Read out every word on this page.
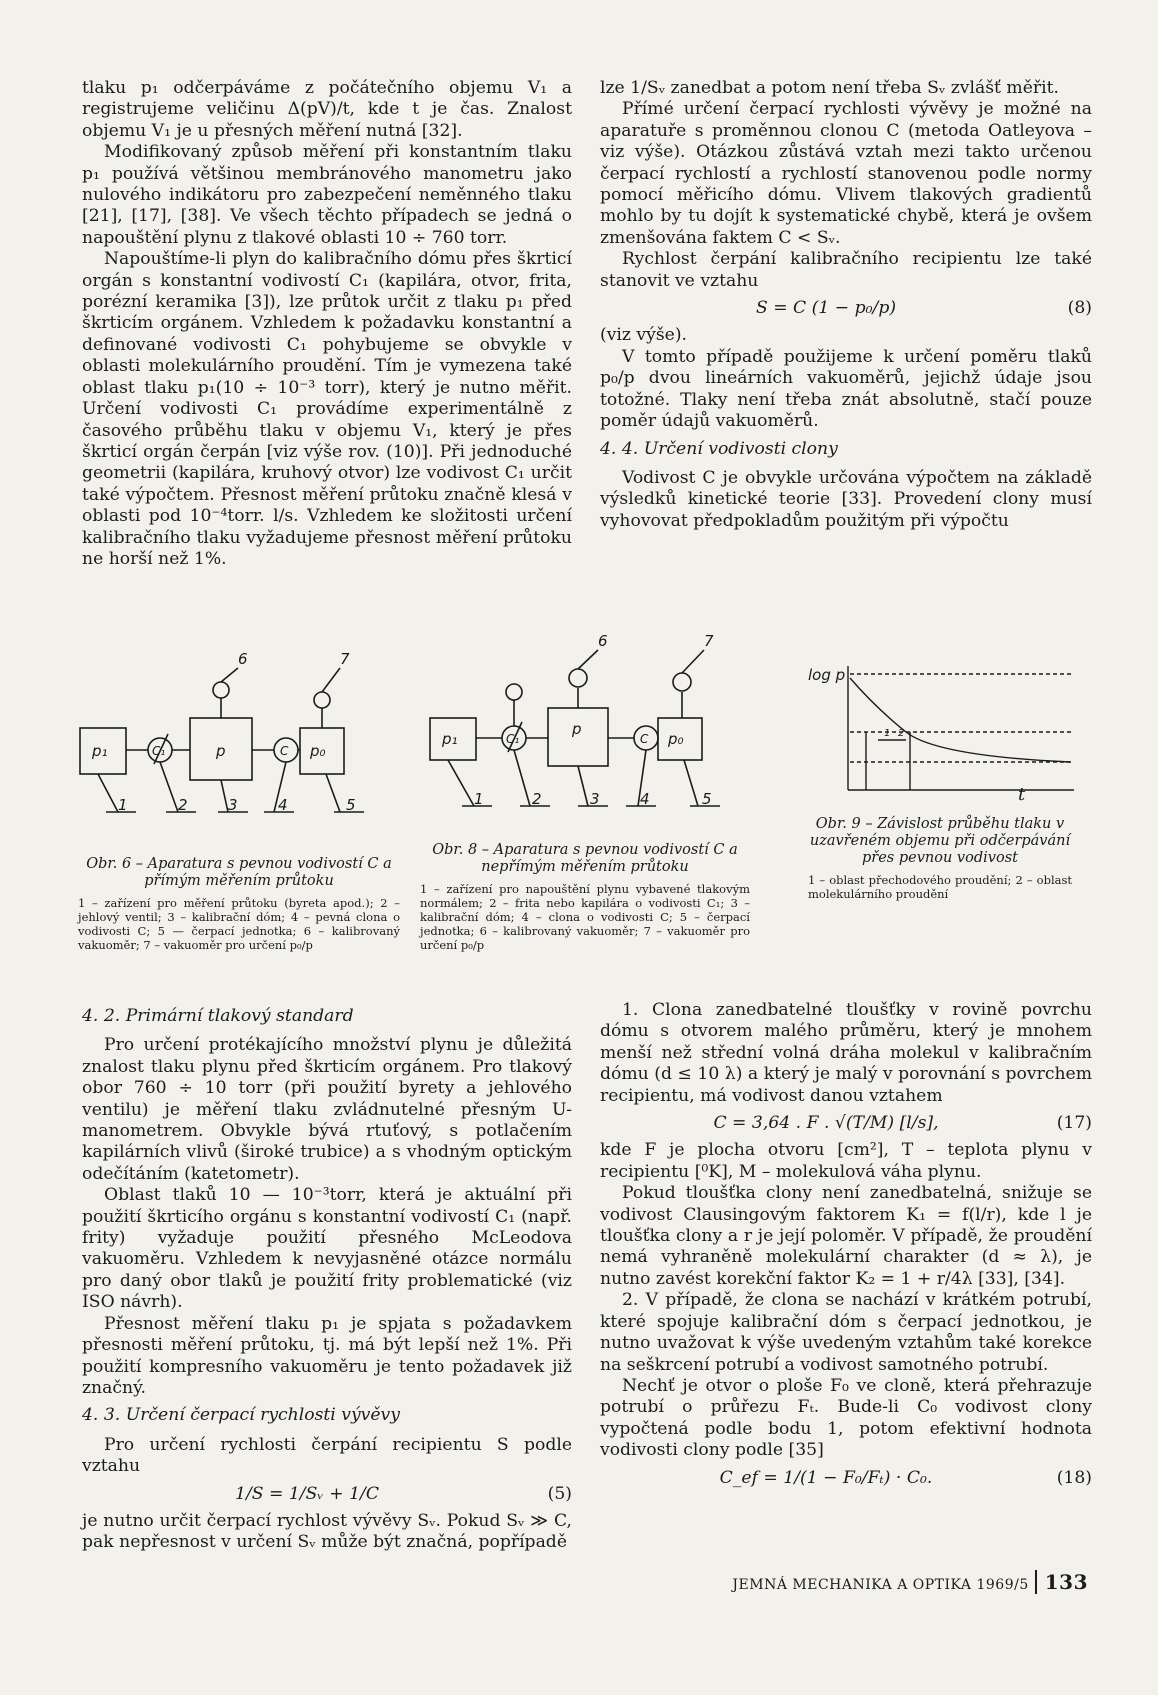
tlaku p₁ odčerpáváme z počátečního objemu V₁ a registrujeme veličinu Δ(pV)/t, kde t je čas. Znalost objemu V₁ je u přesných měření nutná [32].

Modifikovaný způsob měření při konstantním tlaku p₁ používá většinou membránového manometru jako nulového indikátoru pro zabezpečení neměnného tlaku [21], [17], [38]. Ve všech těchto případech se jedná o napouštění plynu z tlakové oblasti 10 ÷ 760 torr.

Napouštíme-li plyn do kalibračního dómu přes škrticí orgán s konstantní vodivostí C₁ (kapilára, otvor, frita, porézní keramika [3]), lze průtok určit z tlaku p₁ před škrticím orgánem. Vzhledem k požadavku konstantní a definované vodivosti C₁ pohybujeme se obvykle v oblasti molekulárního proudění. Tím je vymezena také oblast tlaku p₁(10 ÷ 10⁻³ torr), který je nutno měřit. Určení vodivosti C₁ provádíme experimentálně z časového průběhu tlaku v objemu V₁, který je přes škrticí orgán čerpán [viz výše rov. (10)]. Při jednoduché geometrii (kapilára, kruhový otvor) lze vodivost C₁ určit také výpočtem. Přesnost měření průtoku značně klesá v oblasti pod 10⁻⁴torr. l/s. Vzhledem ke složitosti určení kalibračního tlaku vyžadujeme přesnost měření průtoku ne horší než 1%.

lze 1/Sᵥ zanedbat a potom není třeba Sᵥ zvlášť měřit.

Přímé určení čerpací rychlosti vývěvy je možné na aparatuře s proměnnou clonou C (metoda Oatleyova – viz výše). Otázkou zůstává vztah mezi takto určenou čerpací rychlostí a rychlostí stanovenou podle normy pomocí měřicího dómu. Vlivem tlakových gradientů mohlo by tu dojít k systematické chybě, která je ovšem zmenšována faktem C < Sᵥ.

Rychlost čerpání kalibračního recipientu lze také stanovit ve vztahu

S = C (1 − p₀/p)	(8)

(viz výše).

V tomto případě použijeme k určení poměru tlaků p₀/p dvou lineárních vakuoměrů, jejichž údaje jsou totožné. Tlaky není třeba znát absolutně, stačí pouze poměr údajů vakuoměrů.

4. 4. Určení vodivosti clony

Vodivost C je obvykle určována výpočtem na základě výsledků kinetické teorie [33]. Provedení clony musí vyhovovat předpokladům použitým při výpočtu

p₁	C₁	p	C p₀
6	7
1	2	3	4	5
Obr. 6 – Aparatura s pevnou vodivostí C a přímým měřením průtoku
1 – zařízení pro měření průtoku (byreta apod.); 2 – jehlový ventil; 3 – kalibrační dóm; 4 – pevná clona o vodivosti C; 5 — čerpací jednotka; 6 – kalibrovaný vakuoměr; 7 – vakuoměr pro určení p₀/p
p₁	C₁
p
C p₀
6	7
1	2	3	4	5
Obr. 8 – Aparatura s pevnou vodivostí C a nepřímým měřením průtoku
1 – zařízení pro napouštění plynu vybavené tlakovým normálem; 2 – frita nebo kapilára o vodivosti C₁; 3 – kalibrační dóm; 4 – clona o vodivosti C; 5 – čerpací jednotka; 6 – kalibrovaný vakuoměr; 7 – vakuoměr pro určení p₀/p
log p
1 2
t
Obr. 9 – Závislost průběhu tlaku v uzavřeném objemu při odčerpávání přes pevnou vodivost
1 – oblast přechodového proudění; 2 – oblast molekulárního proudění

4. 2. Primární tlakový standard

Pro určení protékajícího množství plynu je důležitá znalost tlaku plynu před škrticím orgánem. Pro tlakový obor 760 ÷ 10 torr (při použití byrety a jehlového ventilu) je měření tlaku zvládnutelné přesným U-manometrem. Obvykle bývá rtuťový, s potlačením kapilárních vlivů (široké trubice) a s vhodným optickým odečítáním (katetometr).

Oblast tlaků 10 — 10⁻³torr, která je aktuální při použití škrticího orgánu s konstantní vodivostí C₁ (např. frity) vyžaduje použití přesného McLeodova vakuoměru. Vzhledem k nevyjasněné otázce normálu pro daný obor tlaků je použití frity problematické (viz ISO návrh).

Přesnost měření tlaku p₁ je spjata s požadavkem přesnosti měření průtoku, tj. má být lepší než 1%. Při použití kompresního vakuoměru je tento požadavek již značný.

4. 3. Určení čerpací rychlosti vývěvy

Pro určení rychlosti čerpání recipientu S podle vztahu

1/S = 1/Sᵥ + 1/C	(5)

je nutno určit čerpací rychlost vývěvy Sᵥ. Pokud Sᵥ ≫ C, pak nepřesnost v určení Sᵥ může být značná, popřípadě

1. Clona zanedbatelné tloušťky v rovině povrchu dómu s otvorem malého průměru, který je mnohem menší než střední volná dráha molekul v kalibračním dómu (d ≤ 10 λ) a který je malý v porovnání s povrchem recipientu, má vodivost danou vztahem

C = 3,64 . F . √(T/M) [l/s],	(17)

kde F je plocha otvoru [cm²], T – teplota plynu v recipientu [⁰K], M – molekulová váha plynu.

Pokud tloušťka clony není zanedbatelná, snižuje se vodivost Clausingovým faktorem K₁ = f(l/r), kde l je tloušťka clony a r je její poloměr. V případě, že proudění nemá vyhraněně molekulární charakter (d ≈ λ), je nutno zavést korekční faktor K₂ = 1 + r/4λ [33], [34].

2. V případě, že clona se nachází v krátkém potrubí, které spojuje kalibrační dóm s čerpací jednotkou, je nutno uvažovat k výše uvedeným vztahům také korekce na seškrcení potrubí a vodivost samotného potrubí.

Nechť je otvor o ploše F₀ ve cloně, která přehrazuje potrubí o průřezu Fₜ. Bude-li C₀ vodivost clony vypočtená podle bodu 1, potom efektivní hodnota vodivosti clony podle [35]

C_ef = 1/(1 − F₀/Fₜ) · C₀.	(18)
JEMNÁ MECHANIKA A OPTIKA 1969/5 133
